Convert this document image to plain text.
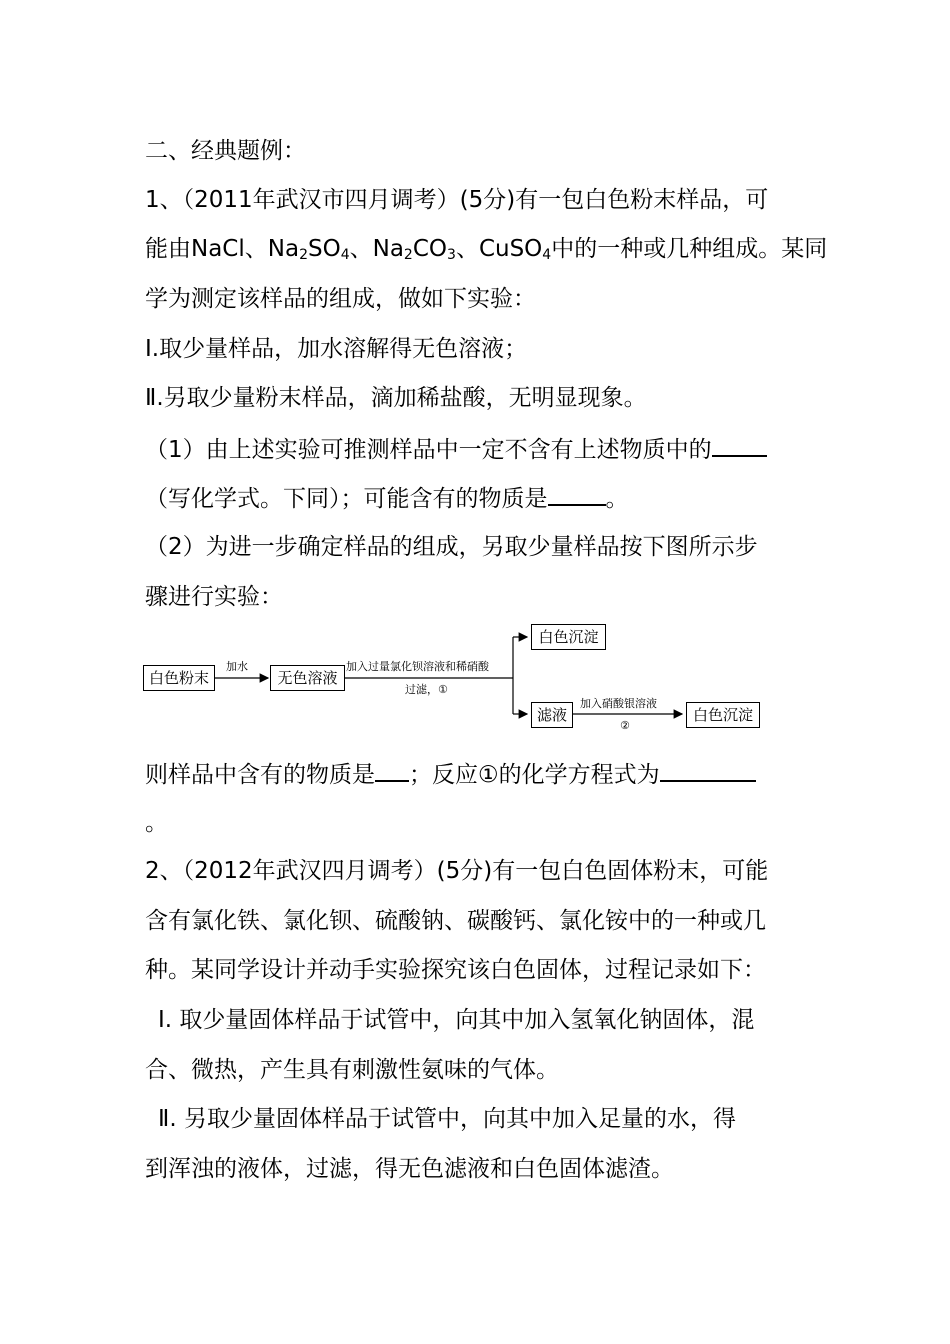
二、经典题例：
1、（2011年武汉市四月调考）(5分)有一包白色粉末样品，可
能由NaCl、$Na_2SO_4$、$Na_2CO_3$、CuSO$_4$中的一种或几种组成。某同
学为测定该样品的组成，做如下实验：
Ⅰ.取少量样品，加水溶解得无色溶液；
Ⅱ.另取少量粉末样品，滴加稀盐酸，无明显现象。
（1）由上述实验可推测样品中一定不含有上述物质中的
（写化学式。下同）；可能含有的物质是	。
（2）为进一步确定样品的组成，另取少量样品按下图所示步
骤进行实验：
白色粉末
加水
无色溶液
加入过量氯化钡溶液和稀硝酸
过滤，①
白色沉淀
滤液
加入硝酸银溶液
②
白色沉淀
则样品中含有的物质是 ；反应①的化学方程式为
。
2、（2012年武汉四月调考）(5分)有一包白色固体粉末，可能
含有氯化铁、氯化钡、硫酸钠、碳酸钙、氯化铵中的一种或几
种。某同学设计并动手实验探究该白色固体，过程记录如下：
Ⅰ. 取少量固体样品于试管中，向其中加入氢氧化钠固体，混
合、微热，产生具有刺激性氨味的气体。
Ⅱ. 另取少量固体样品于试管中，向其中加入足量的水，得
到浑浊的液体，过滤，得无色滤液和白色固体滤渣。
